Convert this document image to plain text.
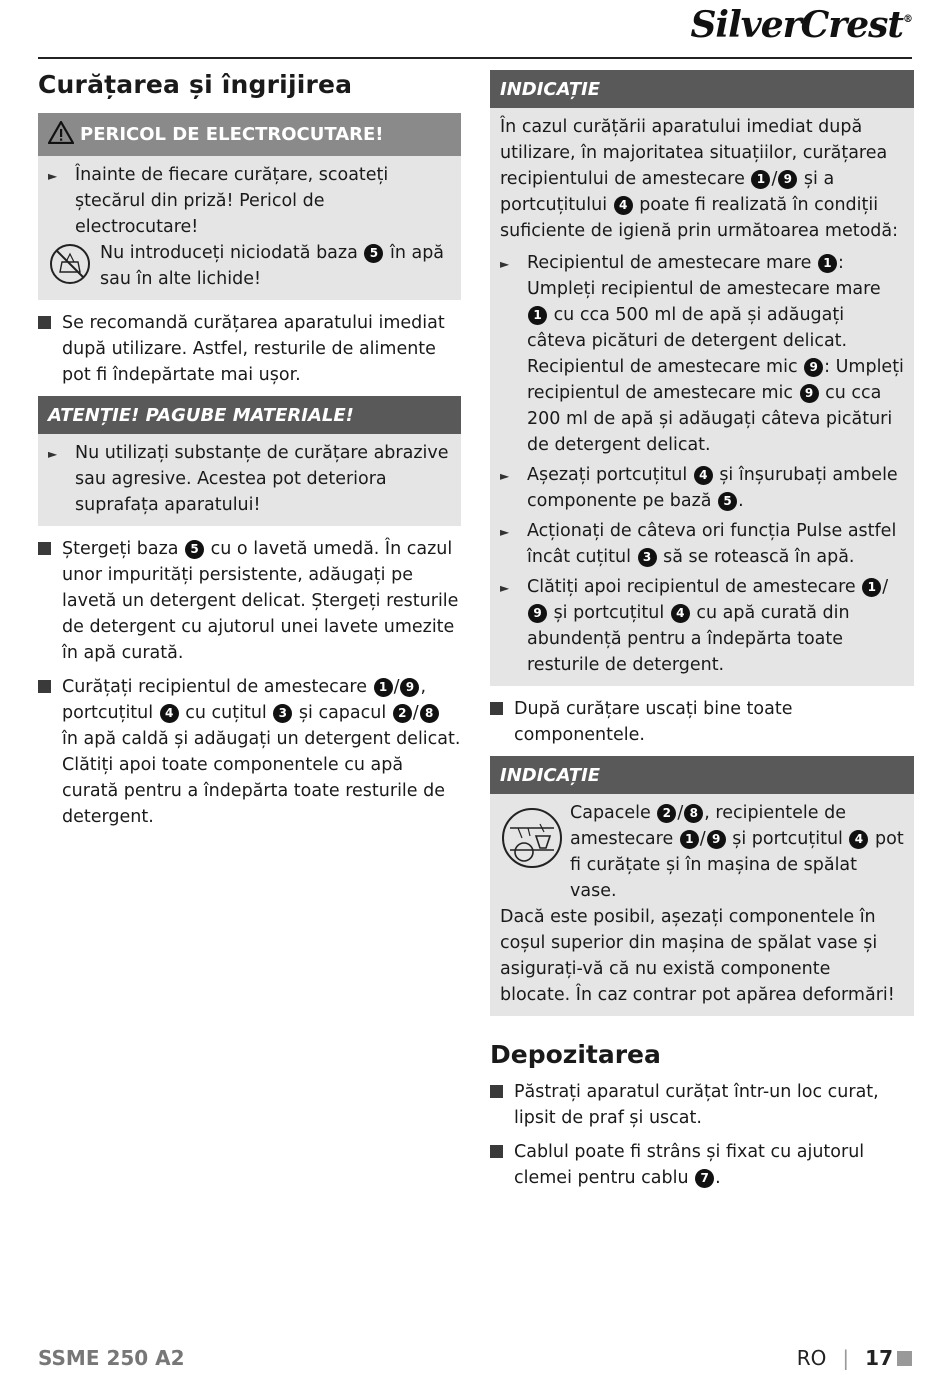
SilverCrest®
Curățarea și îngrijirea
PERICOL DE ELECTROCUTARE!
►	Înainte de fiecare curățare, scoateți ștecărul din priză! Pericol de electrocutare!
Nu introduceți niciodată baza 5 în apă sau în alte lichide!
Se recomandă curățarea aparatului imediat după utilizare. Astfel, resturile de alimente pot fi îndepărtate mai ușor.
ATENȚIE! PAGUBE MATERIALE!
►	Nu utilizați substanțe de curățare abrazive sau agresive. Acestea pot deteriora suprafața aparatului!
Ștergeți baza 5 cu o lavetă umedă. În cazul unor impurități persistente, adăugați pe lavetă un detergent delicat. Ștergeți resturile de detergent cu ajutorul unei lavete umezite în apă curată.
Curățați recipientul de amestecare 1 / 9 , portcuțitul 4 cu cuțitul 3 și capacul 2 / 8 în apă caldă și adăugați un detergent delicat. Clătiți apoi toate componentele cu apă curată pentru a îndepărta toate resturile de detergent.
INDICAȚIE
În cazul curățării aparatului imediat după utilizare, în majoritatea situațiilor, curățarea recipientului de amestecare 1 / 9 și a portcuțitului 4 poate fi realizată în condiții suficiente de igienă prin următoarea metodă:
►	Recipientul de amestecare mare 1 : Umpleți recipientul de amestecare mare 1 cu cca 500 ml de apă și adăugați câteva picături de detergent delicat.
Recipientul de amestecare mic 9 : Umpleți recipientul de amestecare mic 9 cu cca 200 ml de apă și adăugați câteva picături de detergent delicat.
►	Așezați portcuțitul 4 și înșurubați ambele componente pe bază 5 .
►	Acționați de câteva ori funcția Pulse astfel încât cuțitul 3 să se rotească în apă.
►	Clătiți apoi recipientul de amestecare 1 /9 și portcuțitul 4 cu apă curată din abundență pentru a îndepărta toate resturile de detergent.
După curățare uscați bine toate componentele.
INDICAȚIE
Capacele 2 / 8 , recipientele de amestecare 1 / 9 și portcuțitul 4 pot fi curățate și în mașina de spălat vase.
Dacă este posibil, așezați componentele în coșul superior din mașina de spălat vase și asigurați-vă că nu există componente blocate. În caz contrar pot apărea deformări!
Depozitarea
Păstrați aparatul curățat într-un loc curat, lipsit de praf și uscat.
Cablul poate fi strâns și fixat cu ajutorul clemei pentru cablu 7 .
SSME 250 A2	RO | 17
